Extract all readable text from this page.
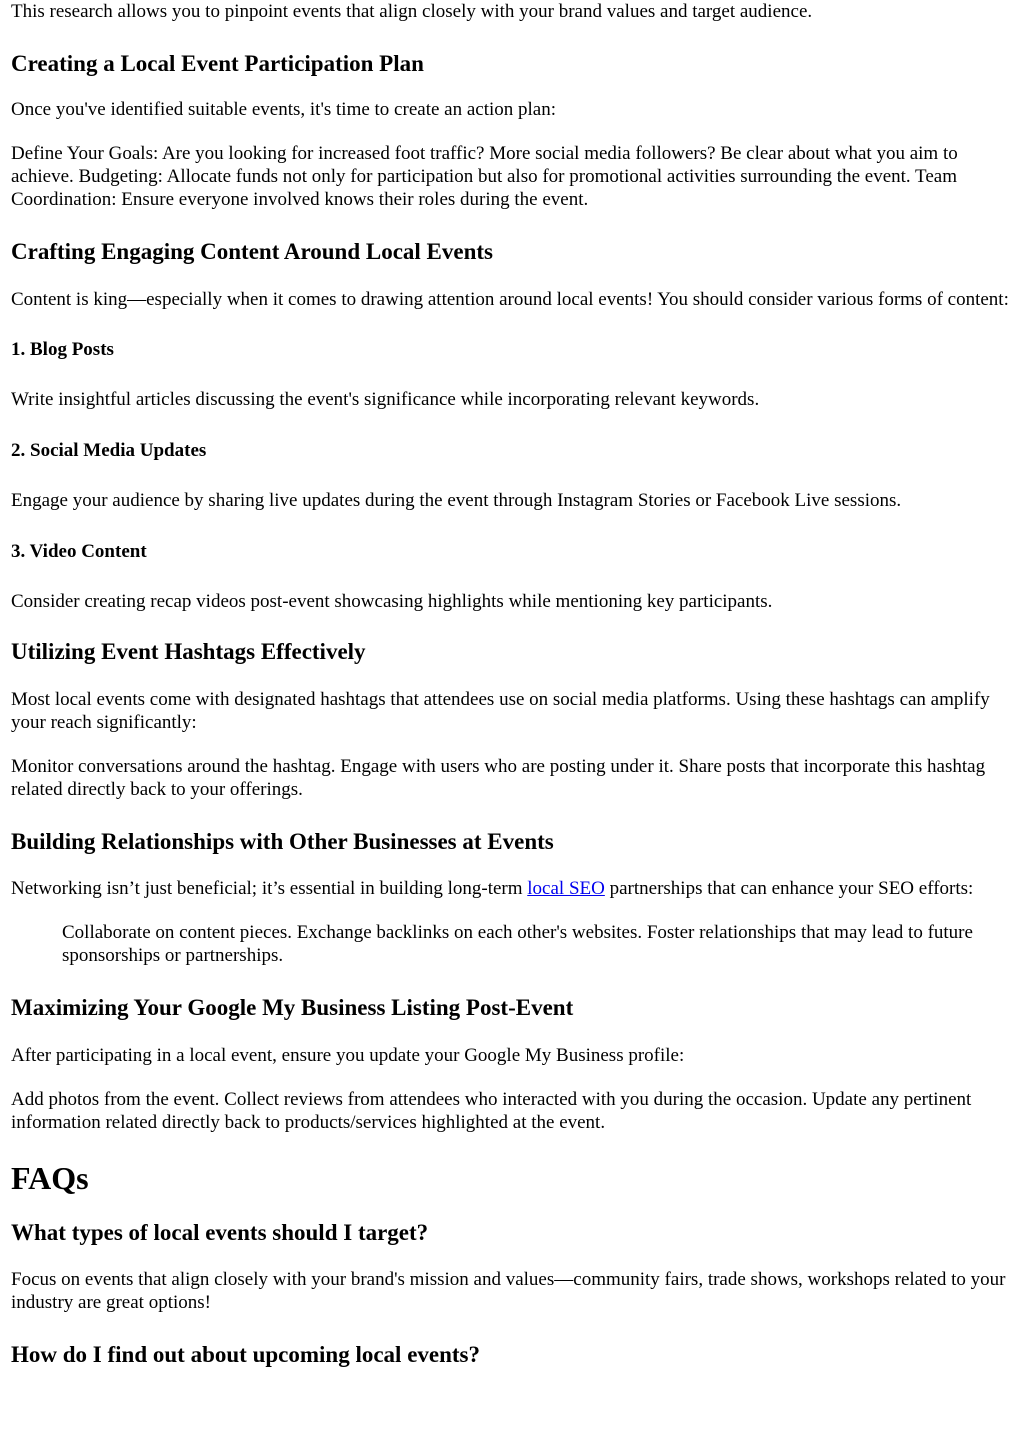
This research allows you to pinpoint events that align closely with your brand values and target audience.

Creating a Local Event Participation Plan

Once you've identified suitable events, it's time to create an action plan:

Define Your Goals: Are you looking for increased foot traffic? More social media followers? Be clear about what you aim to achieve. Budgeting: Allocate funds not only for participation but also for promotional activities surrounding the event. Team Coordination: Ensure everyone involved knows their roles during the event.

Crafting Engaging Content Around Local Events

Content is king—especially when it comes to drawing attention around local events! You should consider various forms of content:

1. Blog Posts

Write insightful articles discussing the event's significance while incorporating relevant keywords.

2. Social Media Updates

Engage your audience by sharing live updates during the event through Instagram Stories or Facebook Live sessions.

3. Video Content

Consider creating recap videos post-event showcasing highlights while mentioning key participants.

Utilizing Event Hashtags Effectively

Most local events come with designated hashtags that attendees use on social media platforms. Using these hashtags can amplify your reach significantly:

Monitor conversations around the hashtag. Engage with users who are posting under it. Share posts that incorporate this hashtag related directly back to your offerings.

Building Relationships with Other Businesses at Events

Networking isn’t just beneficial; it’s essential in building long-term local SEO partnerships that can enhance your SEO efforts:

Collaborate on content pieces. Exchange backlinks on each other's websites. Foster relationships that may lead to future sponsorships or partnerships.
Maximizing Your Google My Business Listing Post-Event

After participating in a local event, ensure you update your Google My Business profile:

Add photos from the event. Collect reviews from attendees who interacted with you during the occasion. Update any pertinent information related directly back to products/services highlighted at the event.

FAQs
What types of local events should I target?

Focus on events that align closely with your brand's mission and values—community fairs, trade shows, workshops related to your industry are great options!

How do I find out about upcoming local events?
